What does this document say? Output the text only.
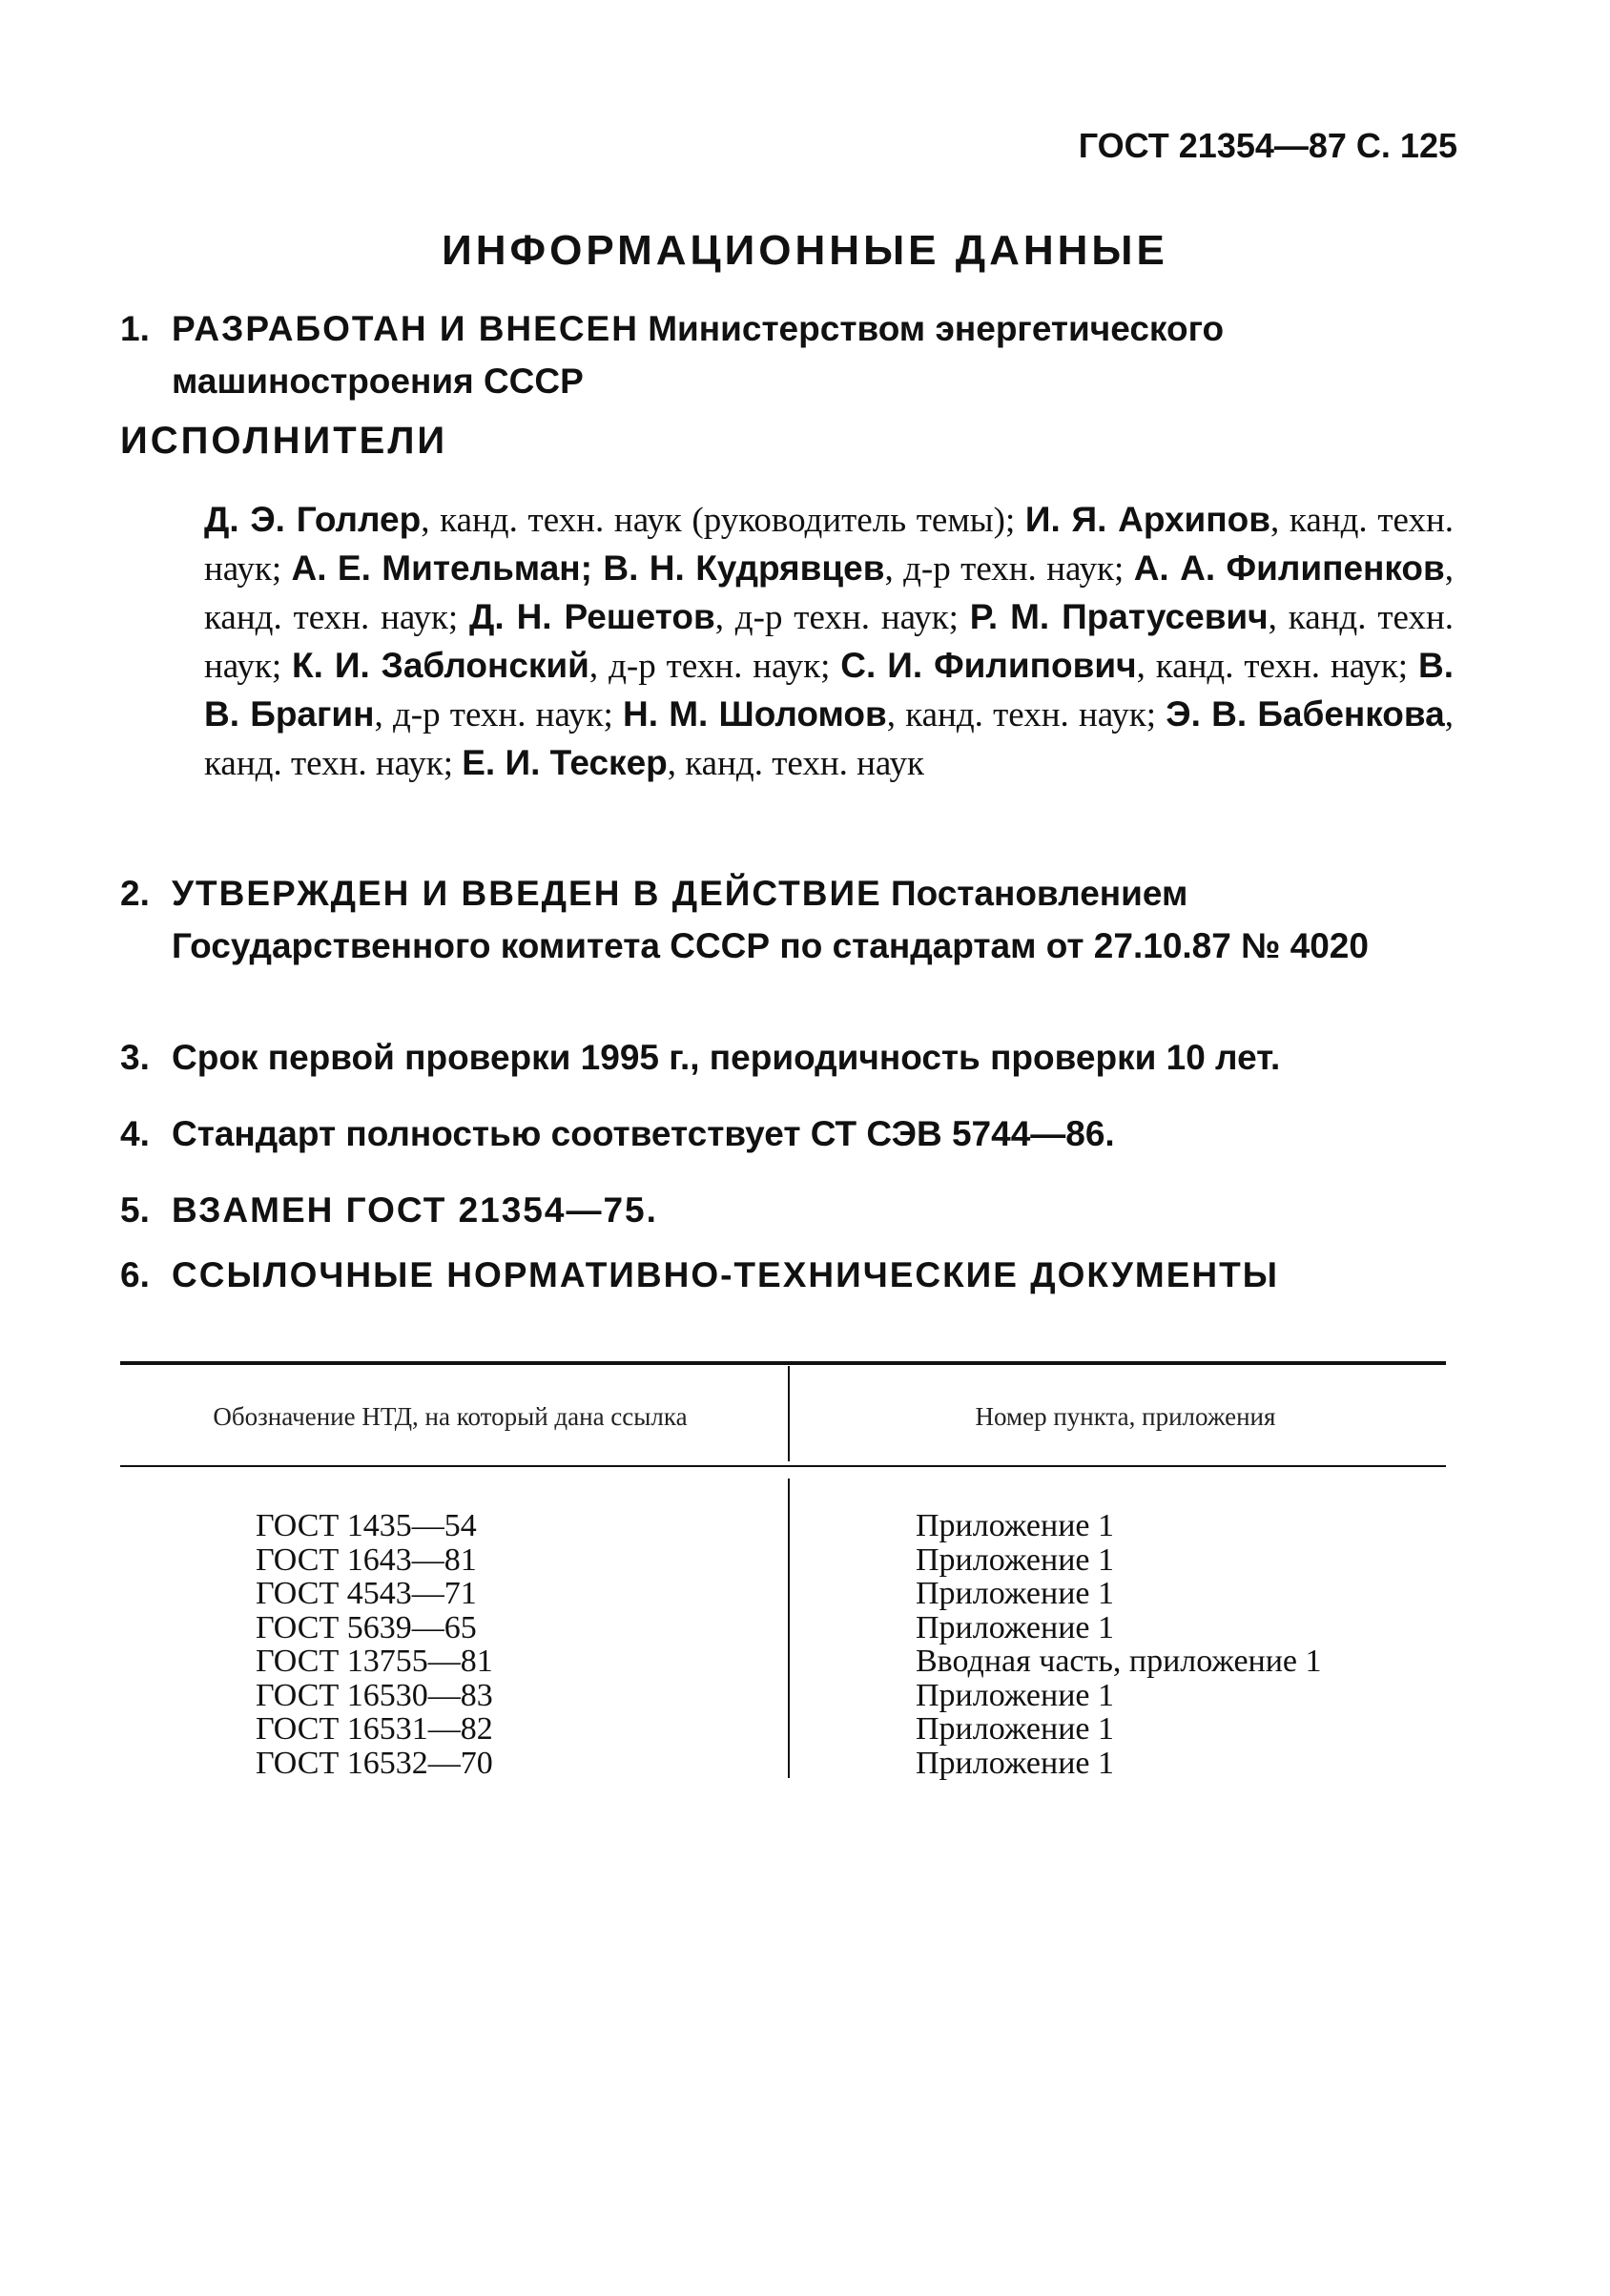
ГОСТ 21354—87 С. 125
ИНФОРМАЦИОННЫЕ ДАННЫЕ
1. РАЗРАБОТАН И ВНЕСЕН Министерством энергетического машиностроения СССР
ИСПОЛНИТЕЛИ
Д. Э. Голлер, канд. техн. наук (руководитель темы); И. Я. Архипов, канд. техн. наук; А. Е. Мительман; В. Н. Кудрявцев, д-р техн. наук; А. А. Филипенков, канд. техн. наук; Д. Н. Решетов, д-р техн. наук; Р. М. Пратусевич, канд. техн. наук; К. И. Заблонский, д-р техн. наук; С. И. Филипович, канд. техн. наук; В. В. Брагин, д-р техн. наук; Н. М. Шоломов, канд. техн. наук; Э. В. Бабенкова, канд. техн. наук; Е. И. Тескер, канд. техн. наук
2. УТВЕРЖДЕН И ВВЕДЕН В ДЕЙСТВИЕ Постановлением Государственного комитета СССР по стандартам от 27.10.87 № 4020
3. Срок первой проверки 1995 г., периодичность проверки 10 лет.
4. Стандарт полностью соответствует СТ СЭВ 5744—86.
5. ВЗАМЕН ГОСТ 21354—75.
6. ССЫЛОЧНЫЕ НОРМАТИВНО-ТЕХНИЧЕСКИЕ ДОКУМЕНТЫ
Обозначение НТД, на который дана ссылка	Номер пункта, приложения
ГОСТ 1435—54
ГОСТ 1643—81
ГОСТ 4543—71
ГОСТ 5639—65
ГОСТ 13755—81
ГОСТ 16530—83
ГОСТ 16531—82
ГОСТ 16532—70
Приложение 1
Приложение 1
Приложение 1
Приложение 1
Вводная часть, приложение 1
Приложение 1
Приложение 1
Приложение 1
